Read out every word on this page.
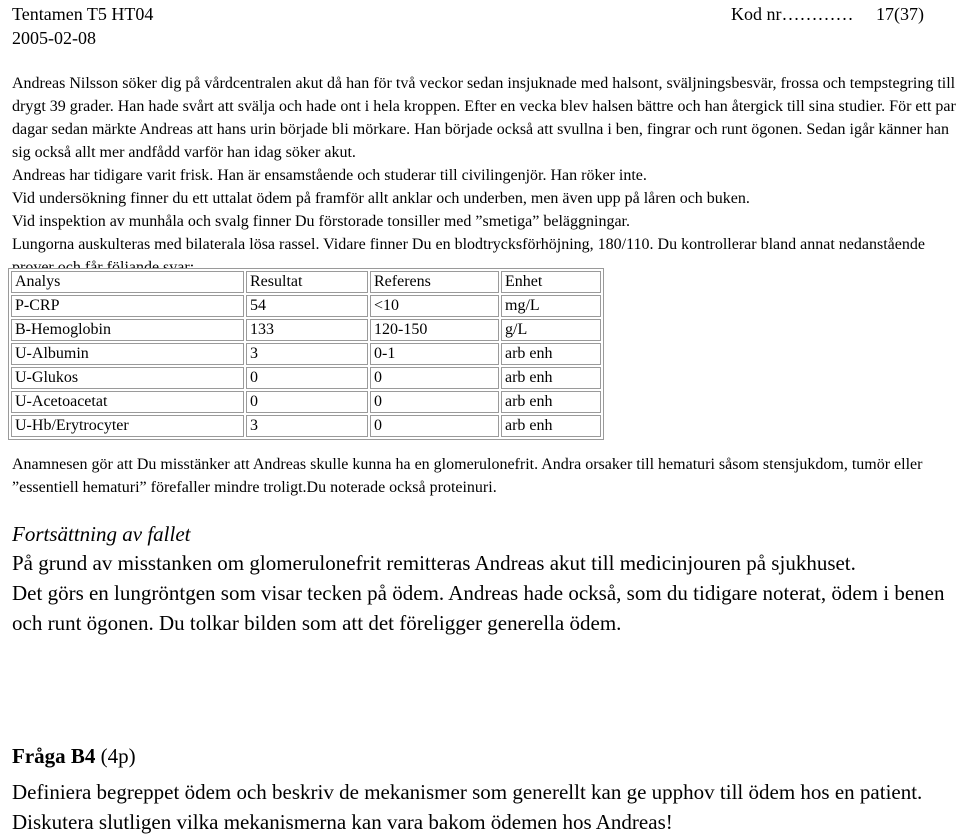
Tentamen T5 HT04
2005-02-08
Kod nr………… 17(37)

Andreas Nilsson söker dig på vårdcentralen akut då han för två veckor sedan insjuknade med halsont, sväljningsbesvär, frossa och tempstegring till drygt 39 grader. Han hade svårt att svälja och hade ont i hela kroppen. Efter en vecka blev halsen bättre och han återgick till sina studier. För ett par dagar sedan märkte Andreas att hans urin började bli mörkare. Han började också att svullna i ben, fingrar och runt ögonen. Sedan igår känner han sig också allt mer andfådd varför han idag söker akut.

Andreas har tidigare varit frisk. Han är ensamstående och studerar till civilingenjör. Han röker inte.

Vid undersökning finner du ett uttalat ödem på framför allt anklar och underben, men även upp på låren och buken.

Vid inspektion av munhåla och svalg finner Du förstorade tonsiller med ”smetiga” beläggningar.

Lungorna auskulteras med bilaterala lösa rassel. Vidare finner Du en blodtrycksförhöjning, 180/110. Du kontrollerar bland annat nedanstående

Analys	Resultat	Referens	Enhet
P-CRP	54	<10	mg/L
B-Hemoglobin	133	120-150	g/L
U-Albumin	3	0-1	arb enh
U-Glukos	0	0	arb enh
U-Acetoacetat	0	0	arb enh
U-Hb/Erytrocyter	3	0	arb enh

Anamnesen gör att Du misstänker att Andreas skulle kunna ha en glomerulonefrit. Andra orsaker till hematuri såsom stensjukdom, tumör eller ”essentiell hematuri” förefaller mindre troligt.Du noterade också proteinuri.

Fortsättning av fallet

På grund av misstanken om glomerulonefrit remitteras Andreas akut till medicinjouren på sjukhuset.

Det görs en lungröntgen som visar tecken på ödem. Andreas hade också, som du tidigare noterat, ödem i benen och runt ögonen. Du tolkar bilden som att det föreligger generella ödem.

Fråga B4 (4p)

Definiera begreppet ödem och beskriv de mekanismer som generellt kan ge upphov till ödem hos en patient. Diskutera slutligen vilka mekanismerna kan vara bakom ödemen hos Andreas!
